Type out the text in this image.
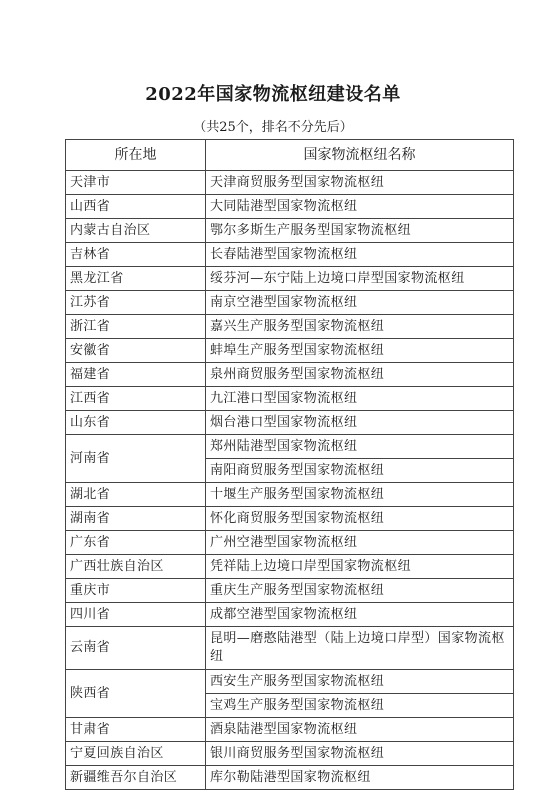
2022年国家物流枢纽建设名单
（共25个，排名不分先后）
所在地	国家物流枢纽名称
天津市	天津商贸服务型国家物流枢纽
山西省	大同陆港型国家物流枢纽
内蒙古自治区	鄂尔多斯生产服务型国家物流枢纽
吉林省	长春陆港型国家物流枢纽
黑龙江省	绥芬河—东宁陆上边境口岸型国家物流枢纽
江苏省	南京空港型国家物流枢纽
浙江省	嘉兴生产服务型国家物流枢纽
安徽省	蚌埠生产服务型国家物流枢纽
福建省	泉州商贸服务型国家物流枢纽
江西省	九江港口型国家物流枢纽
山东省	烟台港口型国家物流枢纽
河南省	郑州陆港型国家物流枢纽
	南阳商贸服务型国家物流枢纽
湖北省	十堰生产服务型国家物流枢纽
湖南省	怀化商贸服务型国家物流枢纽
广东省	广州空港型国家物流枢纽
广西壮族自治区	凭祥陆上边境口岸型国家物流枢纽
重庆市	重庆生产服务型国家物流枢纽
四川省	成都空港型国家物流枢纽
云南省	昆明—磨憨陆港型（陆上边境口岸型）国家物流枢纽
陕西省	西安生产服务型国家物流枢纽
	宝鸡生产服务型国家物流枢纽
甘肃省	酒泉陆港型国家物流枢纽
宁夏回族自治区	银川商贸服务型国家物流枢纽
新疆维吾尔自治区	库尔勒陆港型国家物流枢纽
